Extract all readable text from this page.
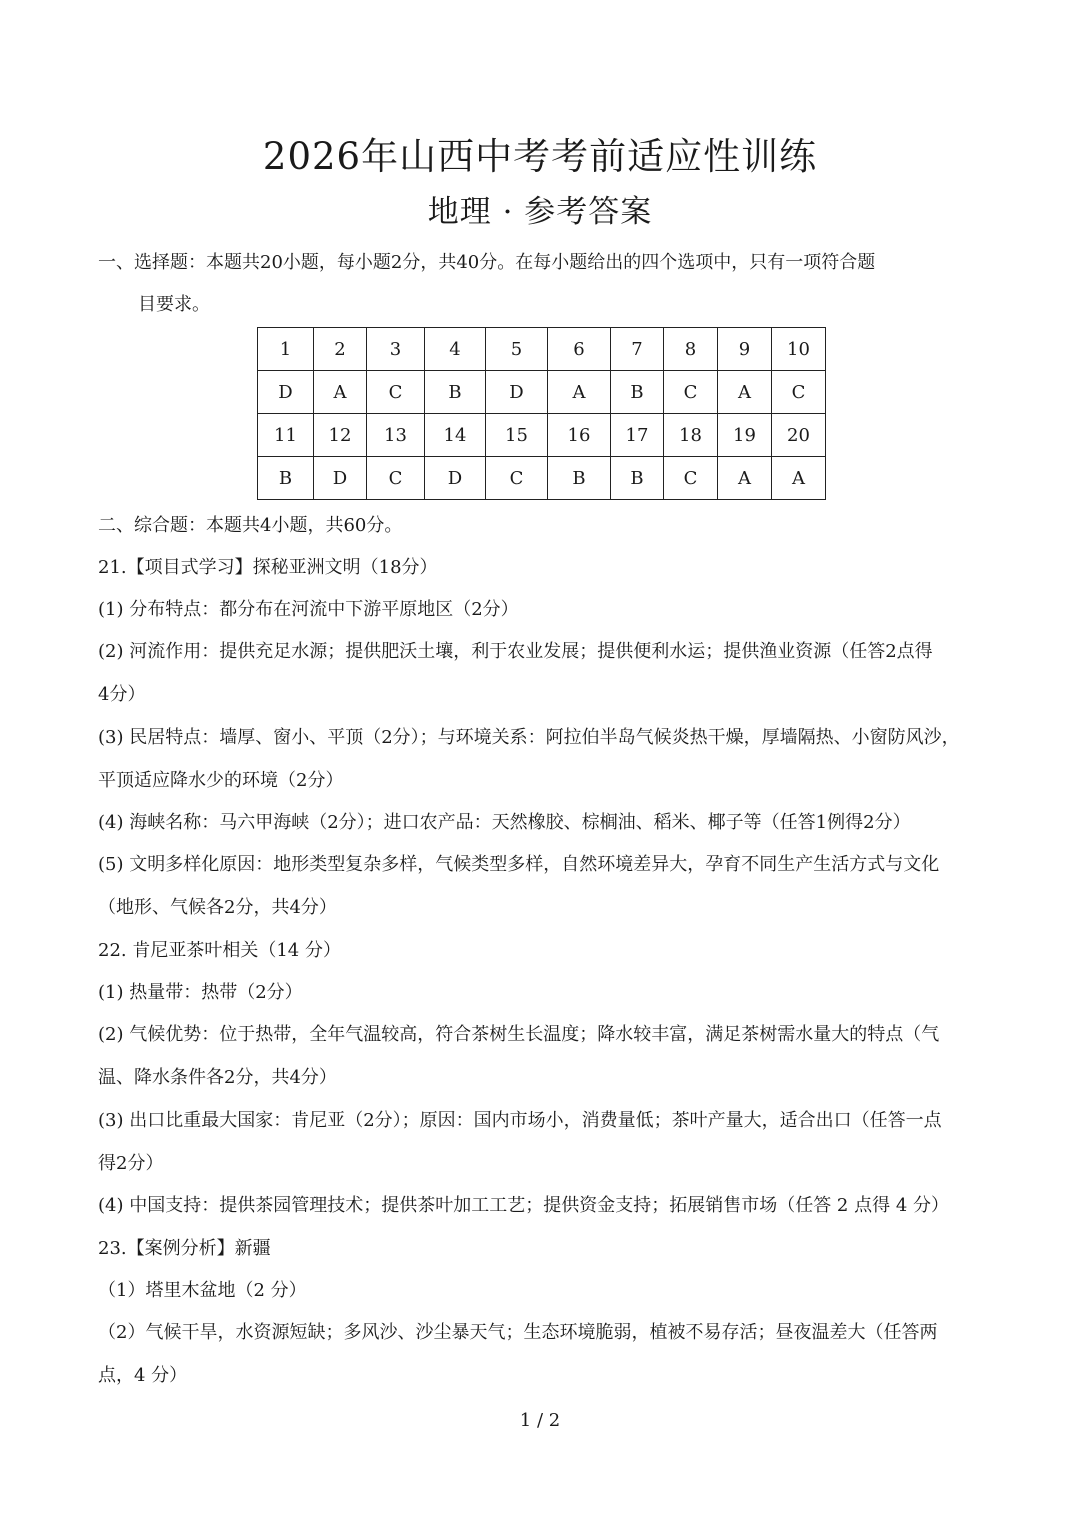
2026年山西中考考前适应性训练
地理 · 参考答案
一、选择题：本题共20小题，每小题2分，共40分。在每小题给出的四个选项中，只有一项符合题
目要求。
1	2	3	4	5	6	7	8	9	10
D	A	C	B	D	A	B	C	A	C
11	12	13	14	15	16	17	18	19	20
B	D	C	D	C	B	B	C	A	A
二、综合题：本题共4小题，共60分。
21.【项目式学习】探秘亚洲文明（18分）
(1) 分布特点：都分布在河流中下游平原地区（2分）
(2) 河流作用：提供充足水源；提供肥沃土壤，利于农业发展；提供便利水运；提供渔业资源（任答2点得
4分）
(3) 民居特点：墙厚、窗小、平顶（2分）；与环境关系：阿拉伯半岛气候炎热干燥，厚墙隔热、小窗防风沙，
平顶适应降水少的环境（2分）
(4) 海峡名称：马六甲海峡（2分）；进口农产品：天然橡胶、棕榈油、稻米、椰子等（任答1例得2分）
(5) 文明多样化原因：地形类型复杂多样，气候类型多样，自然环境差异大，孕育不同生产生活方式与文化
（地形、气候各2分，共4分）
22. 肯尼亚茶叶相关（14 分）
(1) 热量带：热带（2分）
(2) 气候优势：位于热带，全年气温较高，符合茶树生长温度；降水较丰富，满足茶树需水量大的特点（气
温、降水条件各2分，共4分）
(3) 出口比重最大国家：肯尼亚（2分）；原因：国内市场小，消费量低；茶叶产量大，适合出口（任答一点
得2分）
(4) 中国支持：提供茶园管理技术；提供茶叶加工工艺；提供资金支持；拓展销售市场（任答 2 点得 4 分）
23.【案例分析】新疆
（1）塔里木盆地（2 分）
（2）气候干旱，水资源短缺；多风沙、沙尘暴天气；生态环境脆弱，植被不易存活；昼夜温差大（任答两
点，4 分）
1 / 2
